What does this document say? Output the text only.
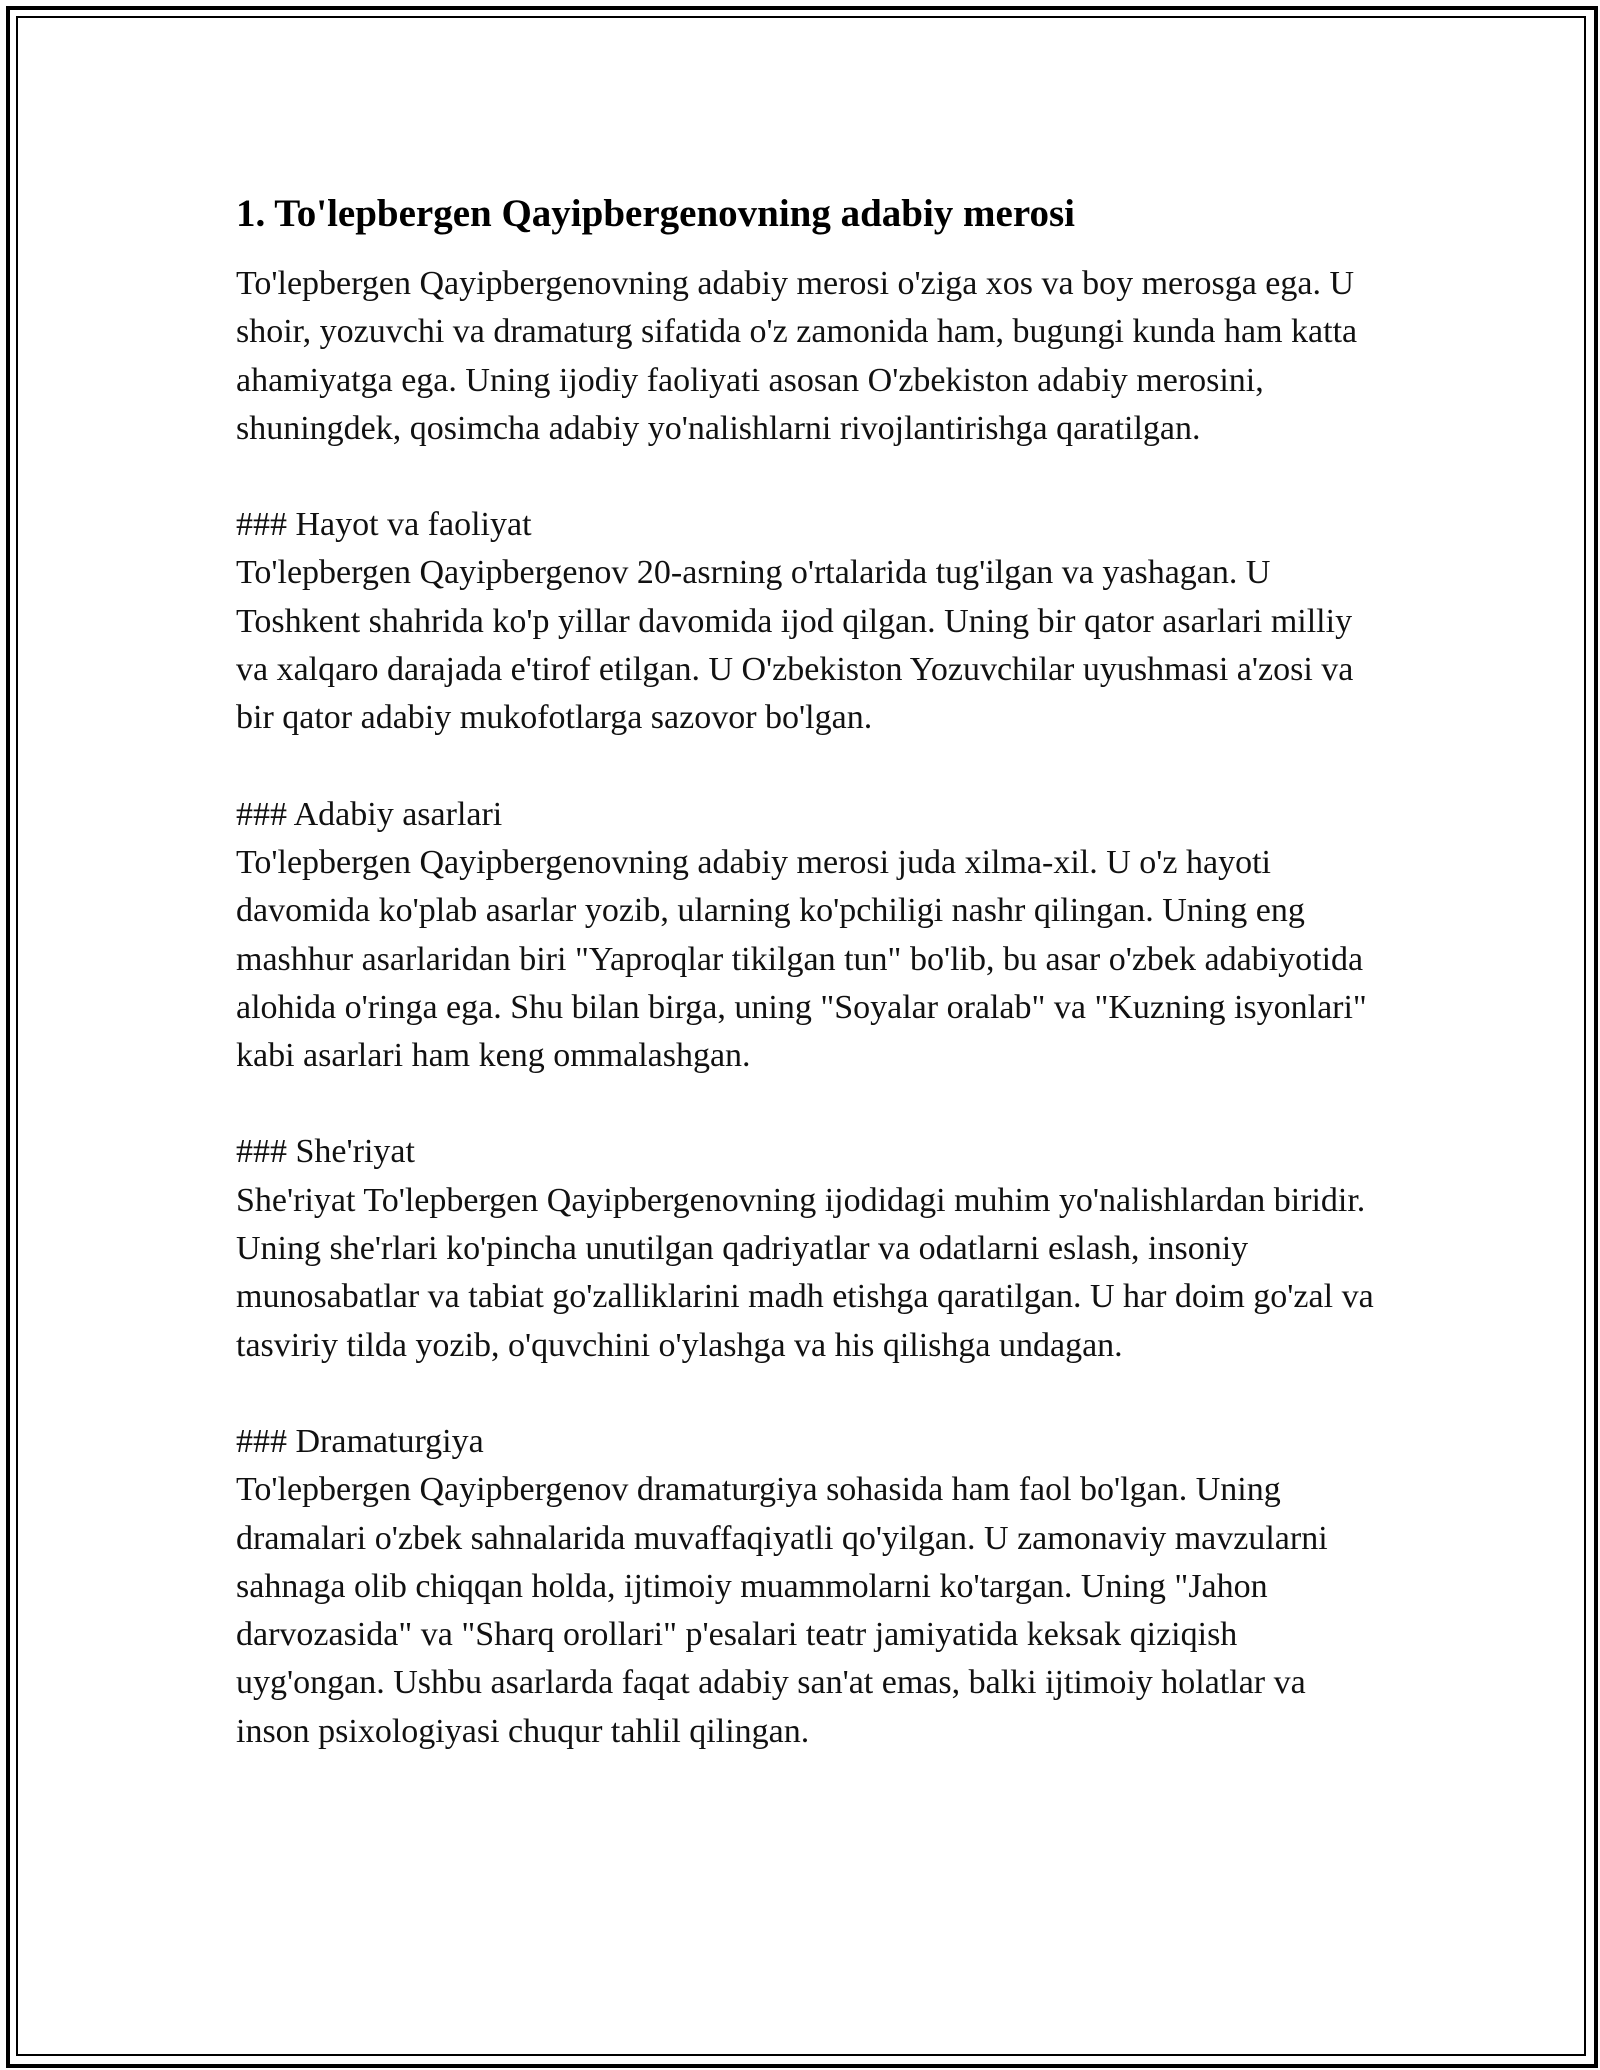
1. To'lepbergen Qayipbergenovning adabiy merosi

To'lepbergen Qayipbergenovning adabiy merosi o'ziga xos va boy merosga ega. U shoir, yozuvchi va dramaturg sifatida o'z zamonida ham, bugungi kunda ham katta ahamiyatga ega. Uning ijodiy faoliyati asosan O'zbekiston adabiy merosini, shuningdek, qosimcha adabiy yo'nalishlarni rivojlantirishga qaratilgan.

### Hayot va faoliyat

To'lepbergen Qayipbergenov 20-asrning o'rtalarida tug'ilgan va yashagan. U Toshkent shahrida ko'p yillar davomida ijod qilgan. Uning bir qator asarlari milliy va xalqaro darajada e'tirof etilgan. U O'zbekiston Yozuvchilar uyushmasi a'zosi va bir qator adabiy mukofotlarga sazovor bo'lgan.

### Adabiy asarlari

To'lepbergen Qayipbergenovning adabiy merosi juda xilma-xil. U o'z hayoti davomida ko'plab asarlar yozib, ularning ko'pchiligi nashr qilingan. Uning eng mashhur asarlaridan biri "Yaproqlar tikilgan tun" bo'lib, bu asar o'zbek adabiyotida alohida o'ringa ega. Shu bilan birga, uning "Soyalar oralab" va "Kuzning isyonlari" kabi asarlari ham keng ommalashgan.

### She'riyat

She'riyat To'lepbergen Qayipbergenovning ijodidagi muhim yo'nalishlardan biridir. Uning she'rlari ko'pincha unutilgan qadriyatlar va odatlarni eslash, insoniy munosabatlar va tabiat go'zalliklarini madh etishga qaratilgan. U har doim go'zal va tasviriy tilda yozib, o'quvchini o'ylashga va his qilishga undagan.

### Dramaturgiya

To'lepbergen Qayipbergenov dramaturgiya sohasida ham faol bo'lgan. Uning dramalari o'zbek sahnalarida muvaffaqiyatli qo'yilgan. U zamonaviy mavzularni sahnaga olib chiqqan holda, ijtimoiy muammolarni ko'targan. Uning "Jahon darvozasida" va "Sharq orollari" p'esalari teatr jamiyatida keksak qiziqish uyg'ongan. Ushbu asarlarda faqat adabiy san'at emas, balki ijtimoiy holatlar va inson psixologiyasi chuqur tahlil qilingan.
